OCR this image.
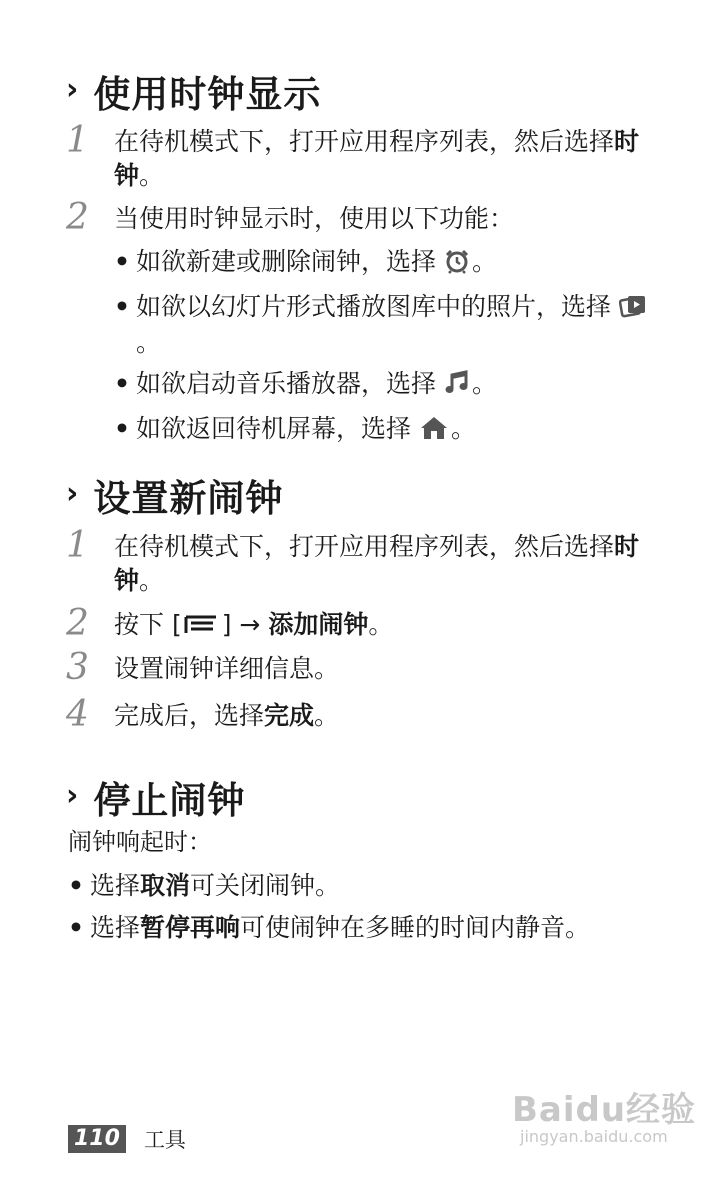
› 使用时钟显示
1	在待机模式下，打开应用程序列表，然后选择时钟。
2	当使用时钟显示时，使用以下功能：
• 如欲新建或删除闹钟，选择 。
• 如欲以幻灯片形式播放图库中的照片，选择。
• 如欲启动音乐播放器，选择 。
• 如欲返回待机屏幕，选择 。
› 设置新闹钟
1	在待机模式下，打开应用程序列表，然后选择时钟。
2	按下 [ ] → 添加闹钟。
3	设置闹钟详细信息。
4	完成后，选择完成。
› 停止闹钟
闹钟响起时：
• 选择取消可关闭闹钟。
• 选择暂停再响可使闹钟在多睡的时间内静音。
110 工具
Baidu经验
jingyan.baidu.com
